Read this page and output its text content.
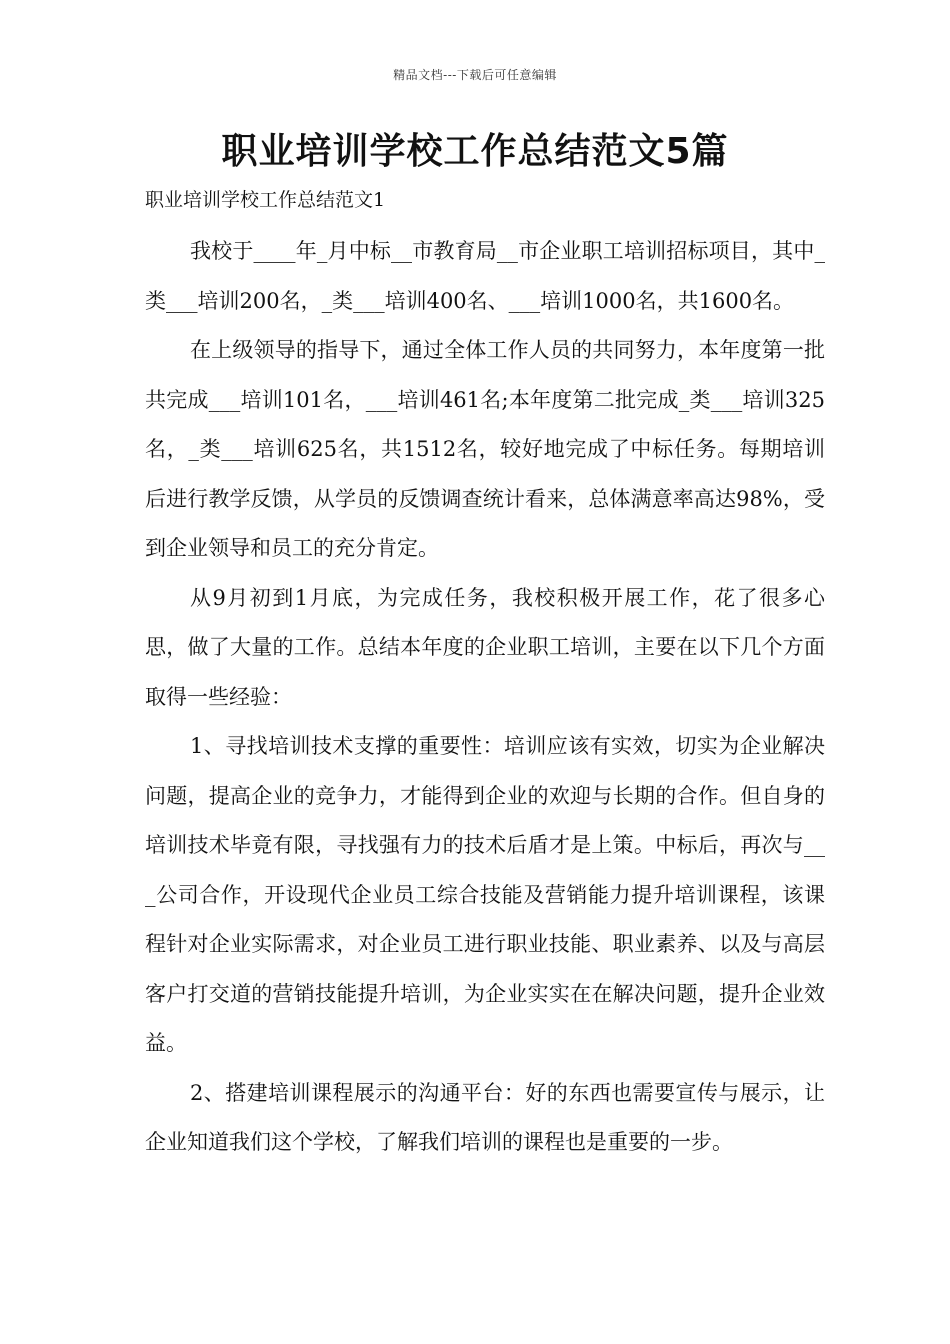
精品文档---下载后可任意编辑
职业培训学校工作总结范文5篇
职业培训学校工作总结范文1

我校于____年_月中标__市教育局__市企业职工培训招标项目，其中_类___培训200名，_类___培训400名、___培训1000名，共1600名。

在上级领导的指导下，通过全体工作人员的共同努力，本年度第一批共完成___培训101名，___培训461名;本年度第二批完成_类___培训325名，_类___培训625名，共1512名，较好地完成了中标任务。每期培训后进行教学反馈，从学员的反馈调查统计看来，总体满意率高达98%，受到企业领导和员工的充分肯定。

从9月初到1月底，为完成任务，我校积极开展工作，花了很多心思，做了大量的工作。总结本年度的企业职工培训，主要在以下几个方面取得一些经验：

1、寻找培训技术支撑的重要性：培训应该有实效，切实为企业解决问题，提高企业的竞争力，才能得到企业的欢迎与长期的合作。但自身的培训技术毕竟有限，寻找强有力的技术后盾才是上策。中标后，再次与___公司合作，开设现代企业员工综合技能及营销能力提升培训课程，该课程针对企业实际需求，对企业员工进行职业技能、职业素养、以及与高层客户打交道的营销技能提升培训，为企业实实在在解决问题，提升企业效益。

2、搭建培训课程展示的沟通平台：好的东西也需要宣传与展示，让企业知道我们这个学校，了解我们培训的课程也是重要的一步。
